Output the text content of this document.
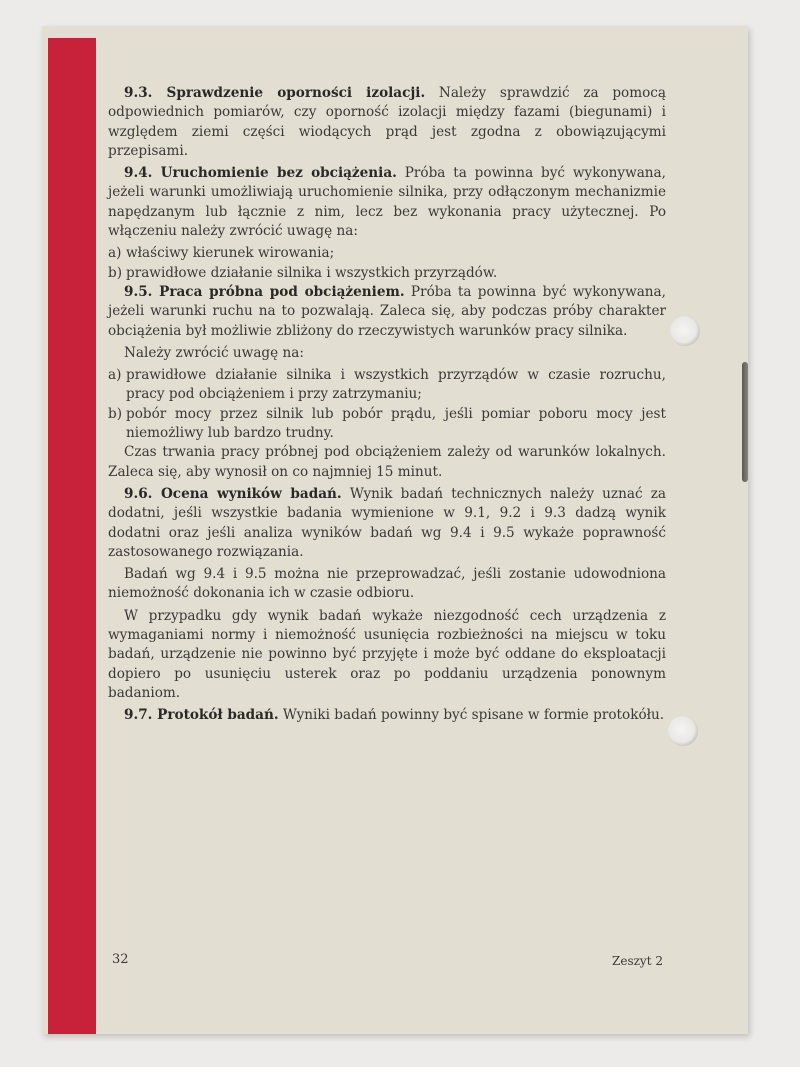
9.3. Sprawdzenie oporności izolacji. Należy sprawdzić za pomocą odpowiednich pomiarów, czy oporność izolacji między fazami (biegunami) i względem ziemi części wiodących prąd jest zgodna z obowiązującymi przepisami.

9.4. Uruchomienie bez obciążenia. Próba ta powinna być wykonywana, jeżeli warunki umożliwiają uruchomienie silnika, przy odłączonym mechanizmie napędzanym lub łącznie z nim, lecz bez wykonania pracy użytecznej. Po włączeniu należy zwrócić uwagę na:

a) właściwy kierunek wirowania;

b) prawidłowe działanie silnika i wszystkich przyrządów.

9.5. Praca próbna pod obciążeniem. Próba ta powinna być wykonywana, jeżeli warunki ruchu na to pozwalają. Zaleca się, aby podczas próby charakter obciążenia był możliwie zbliżony do rzeczywistych warunków pracy silnika.

Należy zwrócić uwagę na:

a) prawidłowe działanie silnika i wszystkich przyrządów w czasie rozruchu, pracy pod obciążeniem i przy zatrzymaniu;

b) pobór mocy przez silnik lub pobór prądu, jeśli pomiar poboru mocy jest niemożliwy lub bardzo trudny.

Czas trwania pracy próbnej pod obciążeniem zależy od warunków lokalnych. Zaleca się, aby wynosił on co najmniej 15 minut.

9.6. Ocena wyników badań. Wynik badań technicznych należy uznać za dodatni, jeśli wszystkie badania wymienione w 9.1, 9.2 i 9.3 dadzą wynik dodatni oraz jeśli analiza wyników badań wg 9.4 i 9.5 wykaże poprawność zastosowanego rozwiązania.

Badań wg 9.4 i 9.5 można nie przeprowadzać, jeśli zostanie udowodniona niemożność dokonania ich w czasie odbioru.

W przypadku gdy wynik badań wykaże niezgodność cech urządzenia z wymaganiami normy i niemożność usunięcia rozbieżności na miejscu w toku badań, urządzenie nie powinno być przyjęte i może być oddane do eksploatacji dopiero po usunięciu usterek oraz po poddaniu urządzenia ponownym badaniom.

9.7. Protokół badań. Wyniki badań powinny być spisane w formie protokółu.

32	Zeszyt 2
